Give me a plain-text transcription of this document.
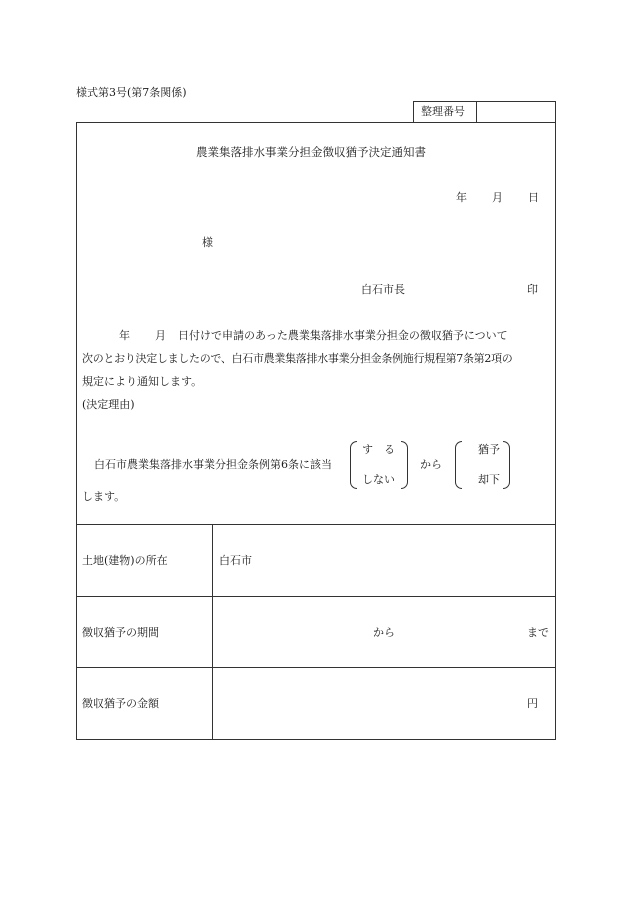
様式第3号(第7条関係)
整理番号
農業集落排水事業分担金徴収猶予決定通知書
年 月 日
様
白石市長	印
年 月 日付けで申請のあった農業集落排水事業分担金の徴収猶予について
次のとおり決定しましたので、白石市農業集落排水事業分担金条例施行規程第7条第2項の
規定により通知します。
(決定理由)
白石市農業集落排水事業分担金条例第6条に該当
す　る
しない
から
猶予
却下
します。
土地(建物)の所在	白石市
徴収猶予の期間	から	まで
徴収猶予の金額	円
